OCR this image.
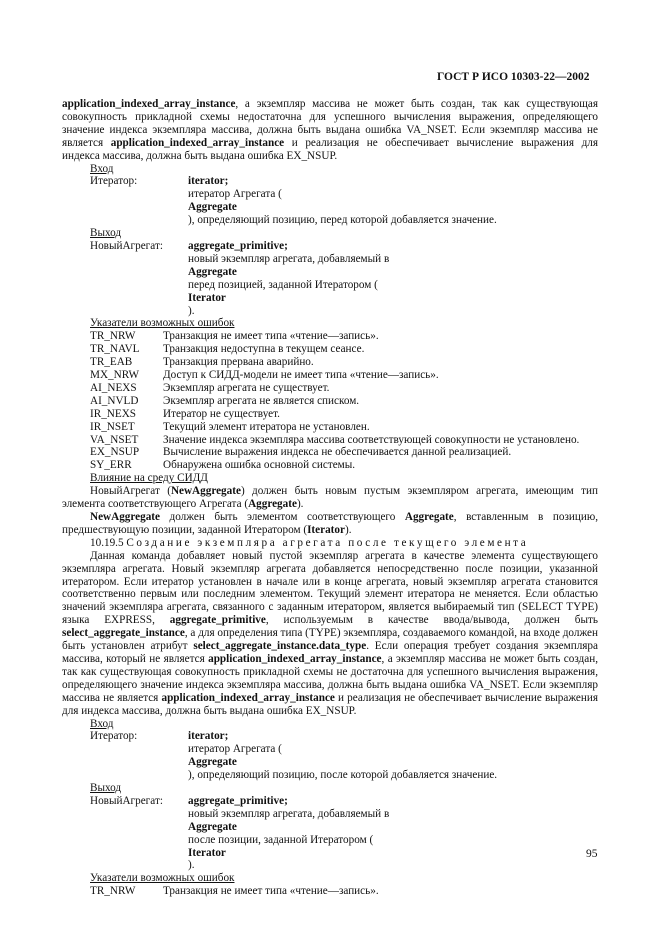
ГОСТ Р ИСО 10303-22—2002

application_indexed_array_instance, а экземпляр массива не может быть создан, так как существующая совокупность прикладной схемы недостаточна для успешного вычисления выражения, определяющего значение индекса экземпляра массива, должна быть выдана ошибка VA_NSET. Если экземпляр массива не является application_indexed_array_instance и реализация не обеспечивает вычисление выражения для индекса массива, должна быть выдана ошибка EX_NSUP.

Вход
Итератор:	iterator;
итератор Агрегата (
Aggregate
), определяющий позицию, перед которой добавляется значение.
Выход
НовыйАгрегат:	aggregate_primitive;
новый экземпляр агрегата, добавляемый в
Aggregate
перед позицией, заданной Итератором (
Iterator
).
Указатели возможных ошибок
TR_NRW	Транзакция не имеет типа «чтение—запись».
TR_NAVL	Транзакция недоступна в текущем сеансе.
TR_EAB	Транзакция прервана аварийно.
MX_NRW	Доступ к СИДД-модели не имеет типа «чтение—запись».
AI_NEXS	Экземпляр агрегата не существует.
AI_NVLD	Экземпляр агрегата не является списком.
IR_NEXS	Итератор не существует.
IR_NSET	Текущий элемент итератора не установлен.
VA_NSET	Значение индекса экземпляра массива соответствующей совокупности не установлено.
EX_NSUP	Вычисление выражения индекса не обеспечивается данной реализацией.
SY_ERR	Обнаружена ошибка основной системы.
Влияние на среду СИДД

НовыйАгрегат (NewAggregate) должен быть новым пустым экземпляром агрегата, имеющим тип элемента соответствующего Агрегата (Aggregate).

NewAggregate должен быть элементом соответствующего Aggregate, вставленным в позицию, предшествующую позиции, заданной Итератором (Iterator).

10.19.5 Создание экземпляра агрегата после текущего элемента

Данная команда добавляет новый пустой экземпляр агрегата в качестве элемента существующего экземпляра агрегата. Новый экземпляр агрегата добавляется непосредственно после позиции, указанной итератором. Если итератор установлен в начале или в конце агрегата, новый экземпляр агрегата становится соответственно первым или последним элементом. Текущий элемент итератора не меняется. Если областью значений экземпляра агрегата, связанного с заданным итератором, является выбираемый тип (SELECT TYPE) языка EXPRESS, aggregate_primitive, используемым в качестве ввода/вывода, должен быть select_aggregate_instance, а для определения типа (TYPE) экземпляра, создаваемого командой, на входе должен быть установлен атрибут select_aggregate_instance.data_type. Если операция требует создания экземпляра массива, который не является application_indexed_array_instance, а экземпляр массива не может быть создан, так как существующая совокупность прикладной схемы не достаточна для успешного вычисления выражения, определяющего значение индекса экземпляра массива, должна быть выдана ошибка VA_NSET. Если экземпляр массива не является application_indexed_array_instance и реализация не обеспечивает вычисление выражения для индекса массива, должна быть выдана ошибка EX_NSUP.

Вход
Итератор:	iterator;
итератор Агрегата (
Aggregate
), определяющий позицию, после которой добавляется значение.
Выход
НовыйАгрегат:	aggregate_primitive;
новый экземпляр агрегата, добавляемый в
Aggregate
после позиции, заданной Итератором (
Iterator
).
Указатели возможных ошибок
TR_NRW	Транзакция не имеет типа «чтение—запись».
95
